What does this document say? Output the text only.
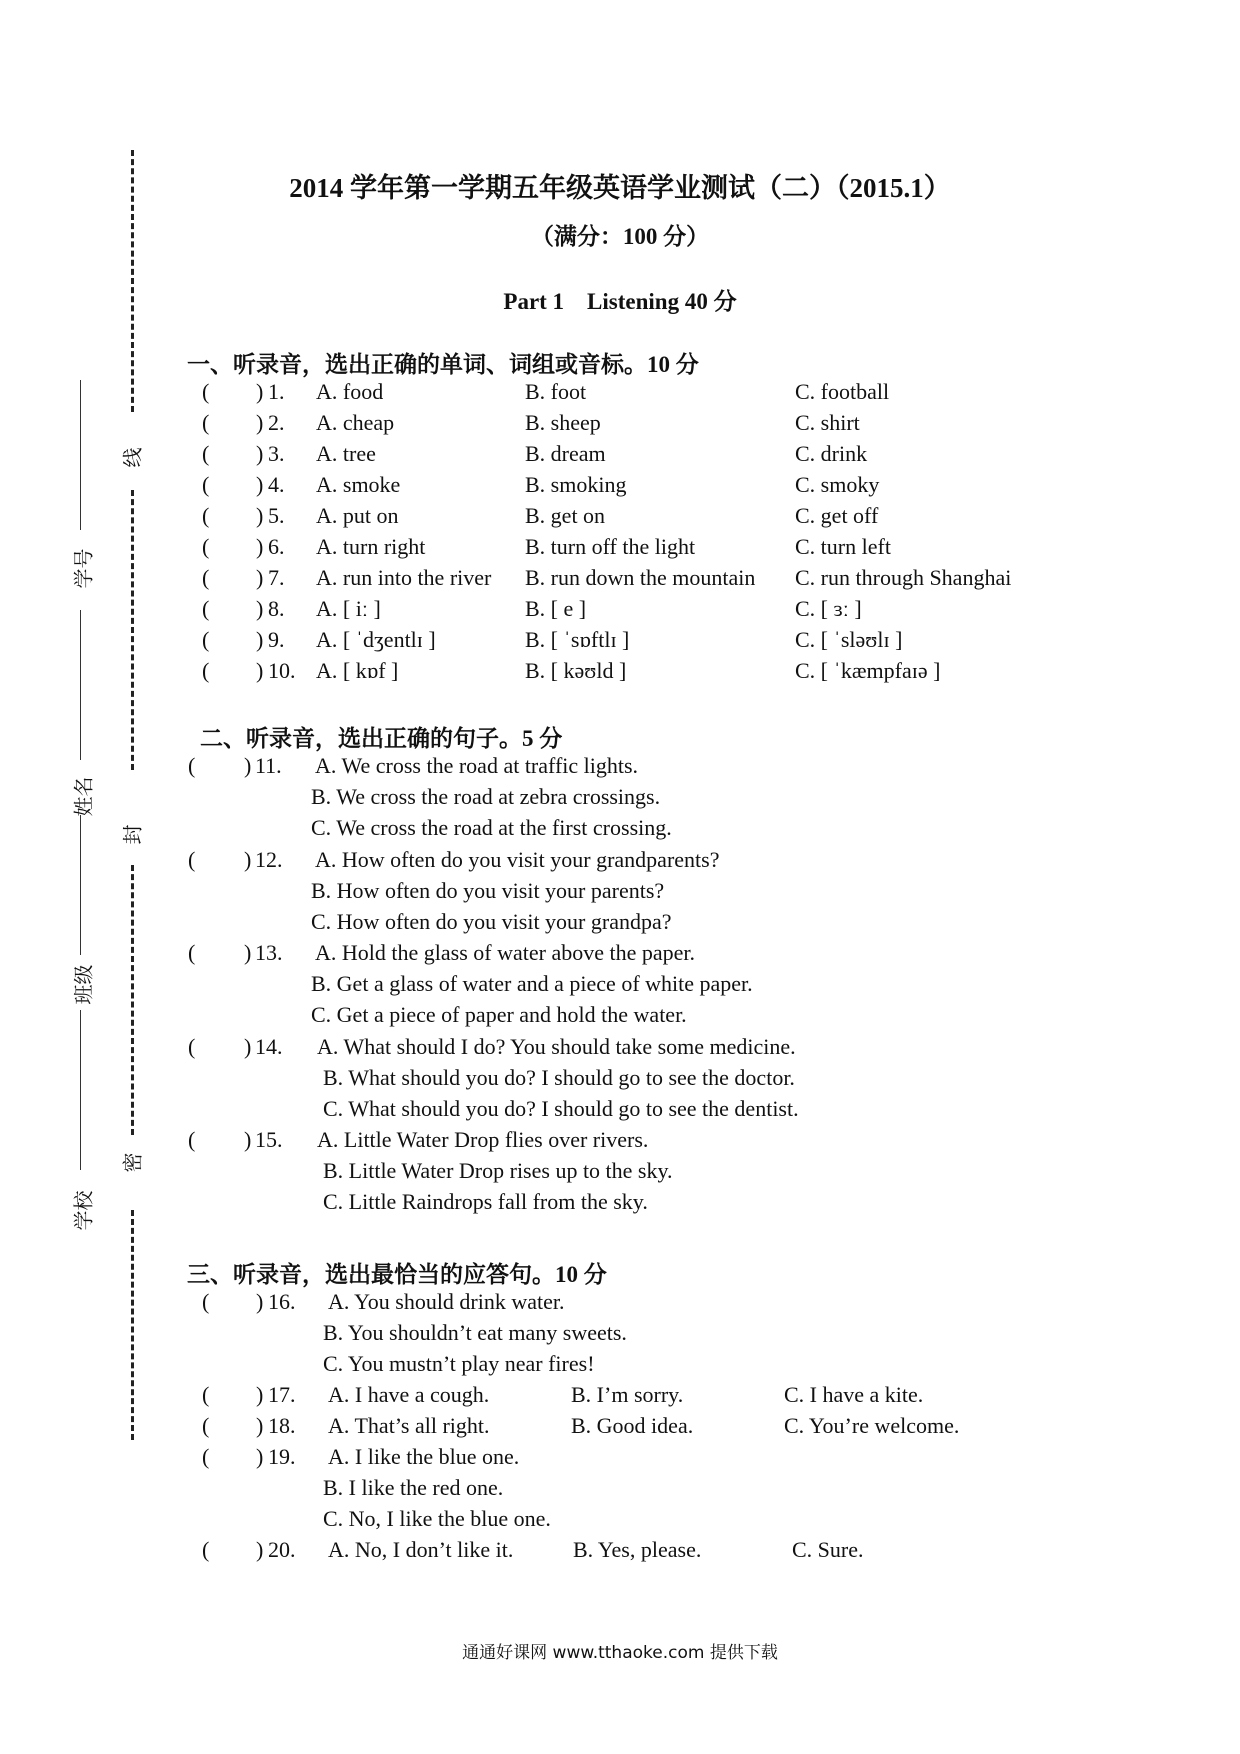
线
封
密
学号
姓名
班级
学校
2014 学年第一学期五年级英语学业测试（二）（2015.1）
（满分：100 分）
Part 1    Listening 40 分
一、听录音，选出正确的单词、词组或音标。10 分
( ) 1. A. food	B. foot	C. football
( ) 2. A. cheap	B. sheep	C. shirt
( ) 3. A. tree	B. dream	C. drink
( ) 4. A. smoke	B. smoking	C. smoky
( ) 5. A. put on	B. get on	C. get off
( ) 6. A. turn right	B. turn off the light	C. turn left
( ) 7. A. run into the river B. run down the mountain C. run through Shanghai
( ) 8. A. [ iː ]	B. [ e ]	C. [ ɜː ]
( ) 9. A. [ ˈdʒentlɪ ]	B. [ ˈsɒftlɪ ]	C. [ ˈsləʊlɪ ]
( ) 10. A. [ kɒf ]	B. [ kəʊld ]	C. [ ˈkæmpfaɪə ]
二、听录音，选出正确的句子。5 分
( ) 11. A. We cross the road at traffic lights.
B. We cross the road at zebra crossings.
C. We cross the road at the first crossing.
( ) 12. A. How often do you visit your grandparents?
B. How often do you visit your parents?
C. How often do you visit your grandpa?
( ) 13. A. Hold the glass of water above the paper.
B. Get a glass of water and a piece of white paper.
C. Get a piece of paper and hold the water.
( ) 14. A. What should I do? You should take some medicine.
B. What should you do? I should go to see the doctor.
C. What should you do? I should go to see the dentist.
( ) 15. A. Little Water Drop flies over rivers.
B. Little Water Drop rises up to the sky.
C. Little Raindrops fall from the sky.
三、听录音，选出最恰当的应答句。10 分
( ) 16. A. You should drink water.
B. You shouldn’t eat many sweets.
C. You mustn’t play near fires!
( ) 17. A. I have a cough.	B. I’m sorry.	C. I have a kite.
( ) 18. A. That’s all right.	B. Good idea.	C. You’re welcome.
( ) 19. A. I like the blue one.
B. I like the red one.
C. No, I like the blue one.
( ) 20. A. No, I don’t like it.	B. Yes, please.	C. Sure.
通通好课网 www.tthaoke.com 提供下载
